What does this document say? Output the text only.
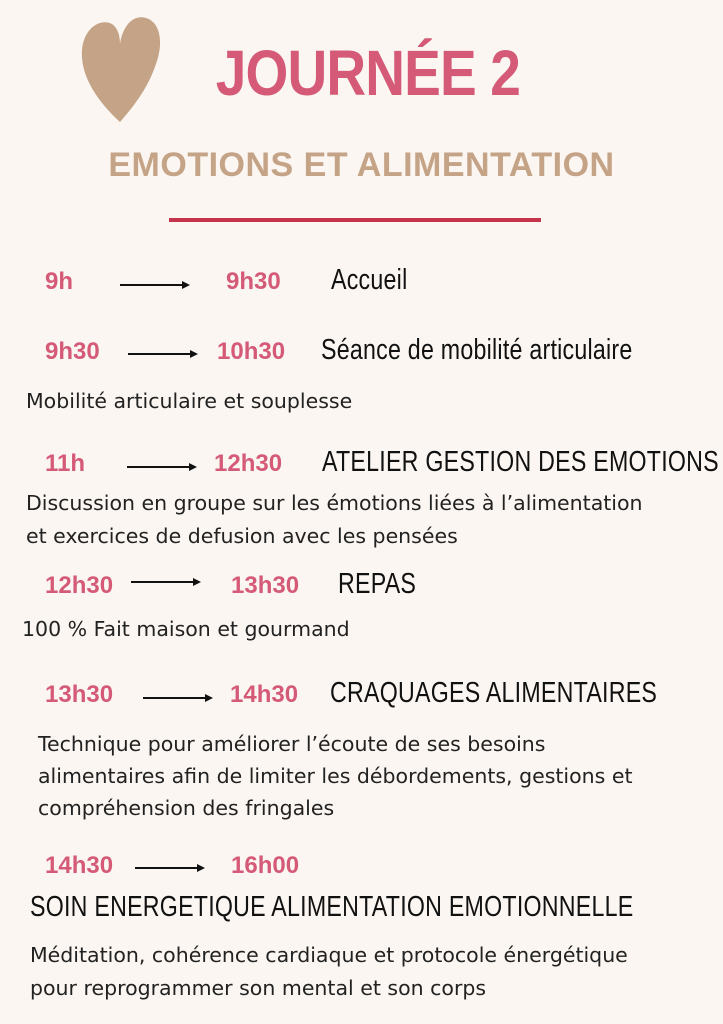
JOURNÉE 2
EMOTIONS ET ALIMENTATION
9h	9h30 Accueil
9h30	10h30 Séance de mobilité articulaire
Mobilité articulaire et souplesse
11h	12h30 ATELIER GESTION DES EMOTIONS
Discussion en groupe sur les émotions liées à l’alimentation
et exercices de defusion avec les pensées
12h30	13h30 REPAS
100 % Fait maison et gourmand
13h30	14h30 CRAQUAGES ALIMENTAIRES
Technique pour améliorer l’écoute de ses besoins
alimentaires afin de limiter les débordements, gestions et
compréhension des fringales
14h30	16h00
SOIN ENERGETIQUE ALIMENTATION EMOTIONNELLE
Méditation, cohérence cardiaque et protocole énergétique
pour reprogrammer son mental et son corps
